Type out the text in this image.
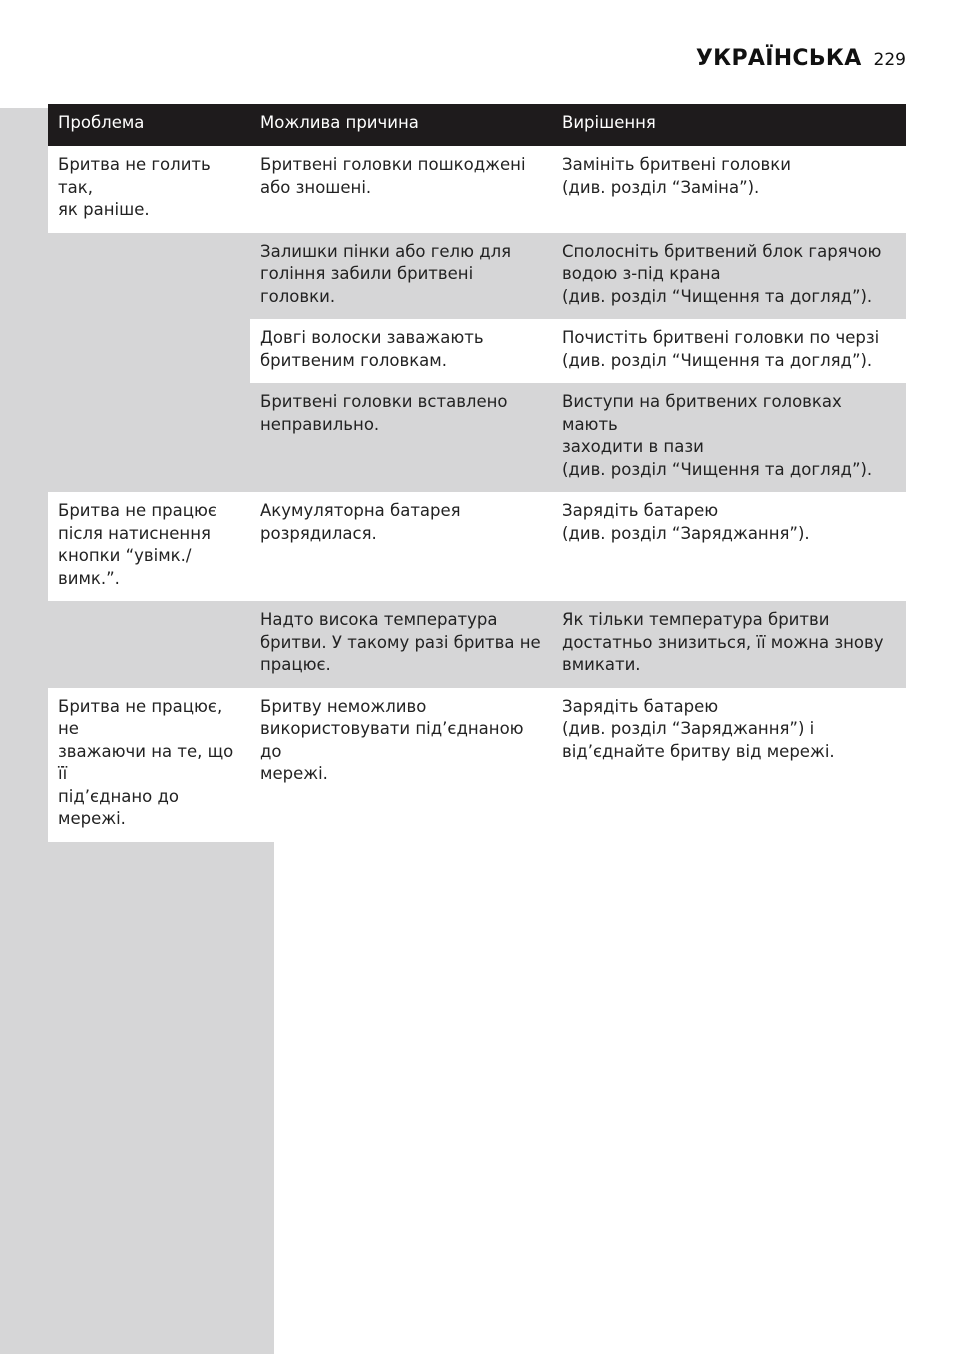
УКРАЇНСЬКА 229
Проблема	Можлива причина	Вирішення

Бритва не голить так,
як раніше.	Бритвені головки пошкоджені
або зношені.	Замініть бритвені головки
(див. розділ “Заміна”).

	Залишки пінки або гелю для
гоління забили бритвені головки.	Сполосніть бритвений блок гарячою
водою з-під крана
(див. розділ “Чищення та догляд”).

	Довгі волоски заважають
бритвеним головкам.	Почистіть бритвені головки по черзі
(див. розділ “Чищення та догляд”).

	Бритвені головки вставлено
неправильно.	Виступи на бритвених головках мають
заходити в пази
(див. розділ “Чищення та догляд”).

Бритва не працює
після натиснення
кнопки “увімк./вимк.”.	Акумуляторна батарея
розрядилася.	Зарядіть батарею
(див. розділ “Заряджання”).

	Надто висока температура
бритви. У такому разі бритва не
працює.	Як тільки температура бритви
достатньо знизиться, її можна знову
вмикати.

Бритва не працює, не
зважаючи на те, що її
під’єднано до мережі.	Бритву неможливо
використовувати під’єднаною до
мережі.	Зарядіть батарею
(див. розділ “Заряджання”) і
від’єднайте бритву від мережі.
